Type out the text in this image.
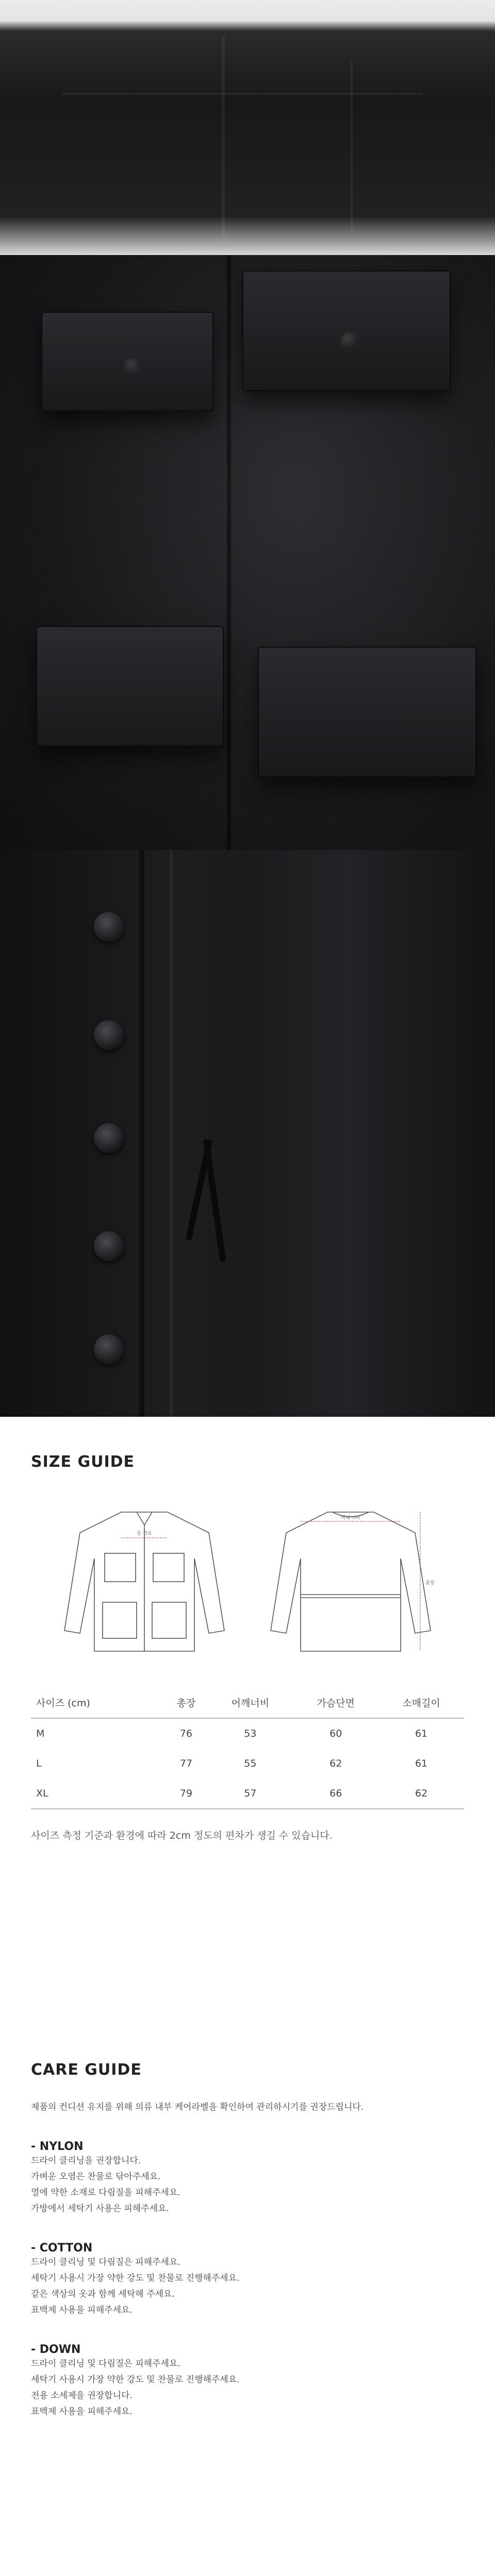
SIZE GUIDE
등 가로
어깨 너비
총장
사이즈 (cm)	총장	어깨너비	가슴단면	소매길이
M	76	53	60	61
L	77	55	62	61
XL	79	57	66	62

사이즈 측정 기준과 환경에 따라 2cm 정도의 편차가 생길 수 있습니다.

CARE GUIDE

제품의 컨디션 유지를 위해 의류 내부 케어라벨을 확인하여 관리하시기를 권장드립니다.

- NYLON

드라이 클리닝을 권장합니다.

가벼운 오염은 찬물로 닦아주세요.

열에 약한 소재로 다림질을 피해주세요.

가방에서 세탁기 사용은 피해주세요.

- COTTON

드라이 클리닝 및 다림질은 피해주세요.

세탁기 사용시 가장 약한 강도 및 찬물로 진행해주세요.

같은 색상의 옷과 함께 세탁해 주세요.

표백제 사용을 피해주세요.

- DOWN

드라이 클리닝 및 다림질은 피해주세요.

세탁기 사용시 가장 약한 강도 및 찬물로 진행해주세요.

전용 소세제을 권장합니다.

표백제 사용을 피해주세요.
